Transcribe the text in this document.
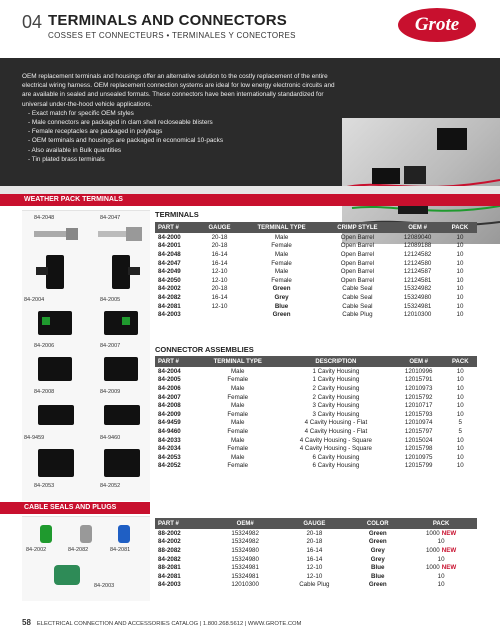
04 TERMINALS AND CONNECTORS
COSSES ET CONNECTEURS • TERMINALES Y CONECTORES
Grote
OEM replacement terminals and housings offer an alternative solution to the costly replacement of the entire electrical wiring harness. OEM replacement connection systems are ideal for low energy electronic circuits and are available in sealed and unsealed formats. These connectors have been internationally standardized for universal under-the-hood vehicle applications.
- Exact match for specific OEM styles
- Male connectors are packaged in clam shell recloseable blisters
- Female receptacles are packaged in polybags
- OEM terminals and housings are packaged in economical 10-packs
- Also available in Bulk quantities
- Tin plated brass terminals
WEATHER PACK TERMINALS
84-2048	84-2047
84-2004	84-2005
84-2006	84-2007
84-2008	84-2009
84-9459	84-9460
84-2053	84-2052
TERMINALS
PART #	GAUGE	TERMINAL TYPE	CRIMP STYLE	OEM #	PACK
84-2000	20-18	Male	Open Barrel	12089040	10
84-2001	20-18	Female	Open Barrel	12089188	10
84-2048	16-14	Male	Open Barrel	12124582	10
84-2047	16-14	Female	Open Barrel	12124580	10
84-2049	12-10	Male	Open Barrel	12124587	10
84-2050	12-10	Female	Open Barrel	12124581	10
84-2002	20-18	Green	Cable Seal	15324982	10
84-2082	16-14	Grey	Cable Seal	15324980	10
84-2081	12-10	Blue	Cable Seal	15324981	10
84-2003		Green	Cable Plug	12010300	10
CONNECTOR ASSEMBLIES
PART #	TERMINAL TYPE	DESCRIPTION	OEM #	PACK
84-2004	Male	1 Cavity Housing	12010996	10
84-2005	Female	1 Cavity Housing	12015791	10
84-2006	Male	2 Cavity Housing	12010973	10
84-2007	Female	2 Cavity Housing	12015792	10
84-2008	Male	3 Cavity Housing	12010717	10
84-2009	Female	3 Cavity Housing	12015793	10
84-9459	Male	4 Cavity Housing - Flat	12010974	5
84-9460	Female	4 Cavity Housing - Flat	12015797	5
84-2033	Male	4 Cavity Housing - Square	12015024	10
84-2034	Female	4 Cavity Housing - Square	12015798	10
84-2053	Male	6 Cavity Housing	12010975	10
84-2052	Female	6 Cavity Housing	12015799	10
CABLE SEALS AND PLUGS
84-2002	84-2082	84-2081
84-2003
PART #	OEM#	GAUGE	COLOR	PACK
88-2002	15324982	20-18	Green	1000 NEW
84-2002	15324982	20-18	Green	10
88-2082	15324980	16-14	Grey	1000 NEW
84-2082	15324980	16-14	Grey	10
88-2081	15324981	12-10	Blue	1000 NEW
84-2081	15324981	12-10	Blue	10
84-2003	12010300	Cable Plug	Green	10
58 ELECTRICAL CONNECTION AND ACCESSORIES CATALOG | 1.800.268.5612 | WWW.GROTE.COM
